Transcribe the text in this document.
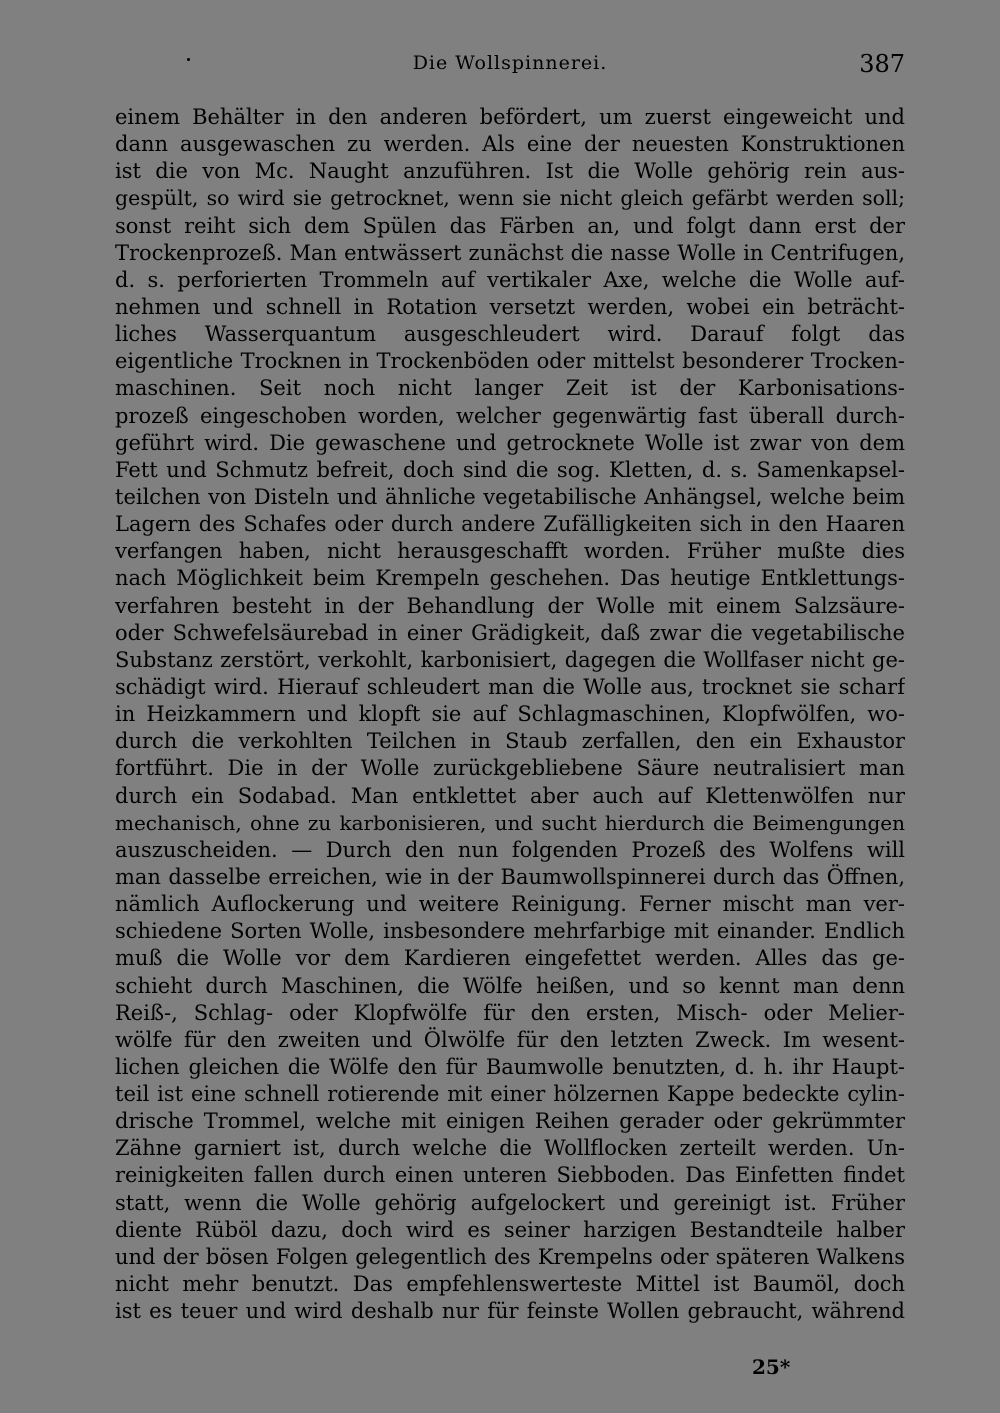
Die Wollspinnerei.	387
einem Behälter in den anderen befördert, um zuerst eingeweicht und
dann ausgewaschen zu werden. Als eine der neuesten Konstruktionen
ist die von Mc. Naught anzuführen. Ist die Wolle gehörig rein aus-
gespült, so wird sie getrocknet, wenn sie nicht gleich gefärbt werden soll;
sonst reiht sich dem Spülen das Färben an, und folgt dann erst der
Trockenprozeß. Man entwässert zunächst die nasse Wolle in Centrifugen,
d. s. perforierten Trommeln auf vertikaler Axe, welche die Wolle auf-
nehmen und schnell in Rotation versetzt werden, wobei ein beträcht-
liches Wasserquantum ausgeschleudert wird. Darauf folgt das
eigentliche Trocknen in Trockenböden oder mittelst besonderer Trocken-
maschinen. Seit noch nicht langer Zeit ist der Karbonisations-
prozeß eingeschoben worden, welcher gegenwärtig fast überall durch-
geführt wird. Die gewaschene und getrocknete Wolle ist zwar von dem
Fett und Schmutz befreit, doch sind die sog. Kletten, d. s. Samenkapsel-
teilchen von Disteln und ähnliche vegetabilische Anhängsel, welche beim
Lagern des Schafes oder durch andere Zufälligkeiten sich in den Haaren
verfangen haben, nicht herausgeschafft worden. Früher mußte dies
nach Möglichkeit beim Krempeln geschehen. Das heutige Entklettungs-
verfahren besteht in der Behandlung der Wolle mit einem Salzsäure-
oder Schwefelsäurebad in einer Grädigkeit, daß zwar die vegetabilische
Substanz zerstört, verkohlt, karbonisiert, dagegen die Wollfaser nicht ge-
schädigt wird. Hierauf schleudert man die Wolle aus, trocknet sie scharf
in Heizkammern und klopft sie auf Schlagmaschinen, Klopfwölfen, wo-
durch die verkohlten Teilchen in Staub zerfallen, den ein Exhaustor
fortführt. Die in der Wolle zurückgebliebene Säure neutralisiert man
durch ein Sodabad. Man entklettet aber auch auf Klettenwölfen nur
mechanisch, ohne zu karbonisieren, und sucht hierdurch die Beimengungen
auszuscheiden. — Durch den nun folgenden Prozeß des Wolfens will
man dasselbe erreichen, wie in der Baumwollspinnerei durch das Öffnen,
nämlich Auflockerung und weitere Reinigung. Ferner mischt man ver-
schiedene Sorten Wolle, insbesondere mehrfarbige mit einander. Endlich
muß die Wolle vor dem Kardieren eingefettet werden. Alles das ge-
schieht durch Maschinen, die Wölfe heißen, und so kennt man denn
Reiß-, Schlag- oder Klopfwölfe für den ersten, Misch- oder Melier-
wölfe für den zweiten und Ölwölfe für den letzten Zweck. Im wesent-
lichen gleichen die Wölfe den für Baumwolle benutzten, d. h. ihr Haupt-
teil ist eine schnell rotierende mit einer hölzernen Kappe bedeckte cylin-
drische Trommel, welche mit einigen Reihen gerader oder gekrümmter
Zähne garniert ist, durch welche die Wollflocken zerteilt werden. Un-
reinigkeiten fallen durch einen unteren Siebboden. Das Einfetten findet
statt, wenn die Wolle gehörig aufgelockert und gereinigt ist. Früher
diente Rüböl dazu, doch wird es seiner harzigen Bestandteile halber
und der bösen Folgen gelegentlich des Krempelns oder späteren Walkens
nicht mehr benutzt. Das empfehlenswerteste Mittel ist Baumöl, doch
ist es teuer und wird deshalb nur für feinste Wollen gebraucht, während
25*
